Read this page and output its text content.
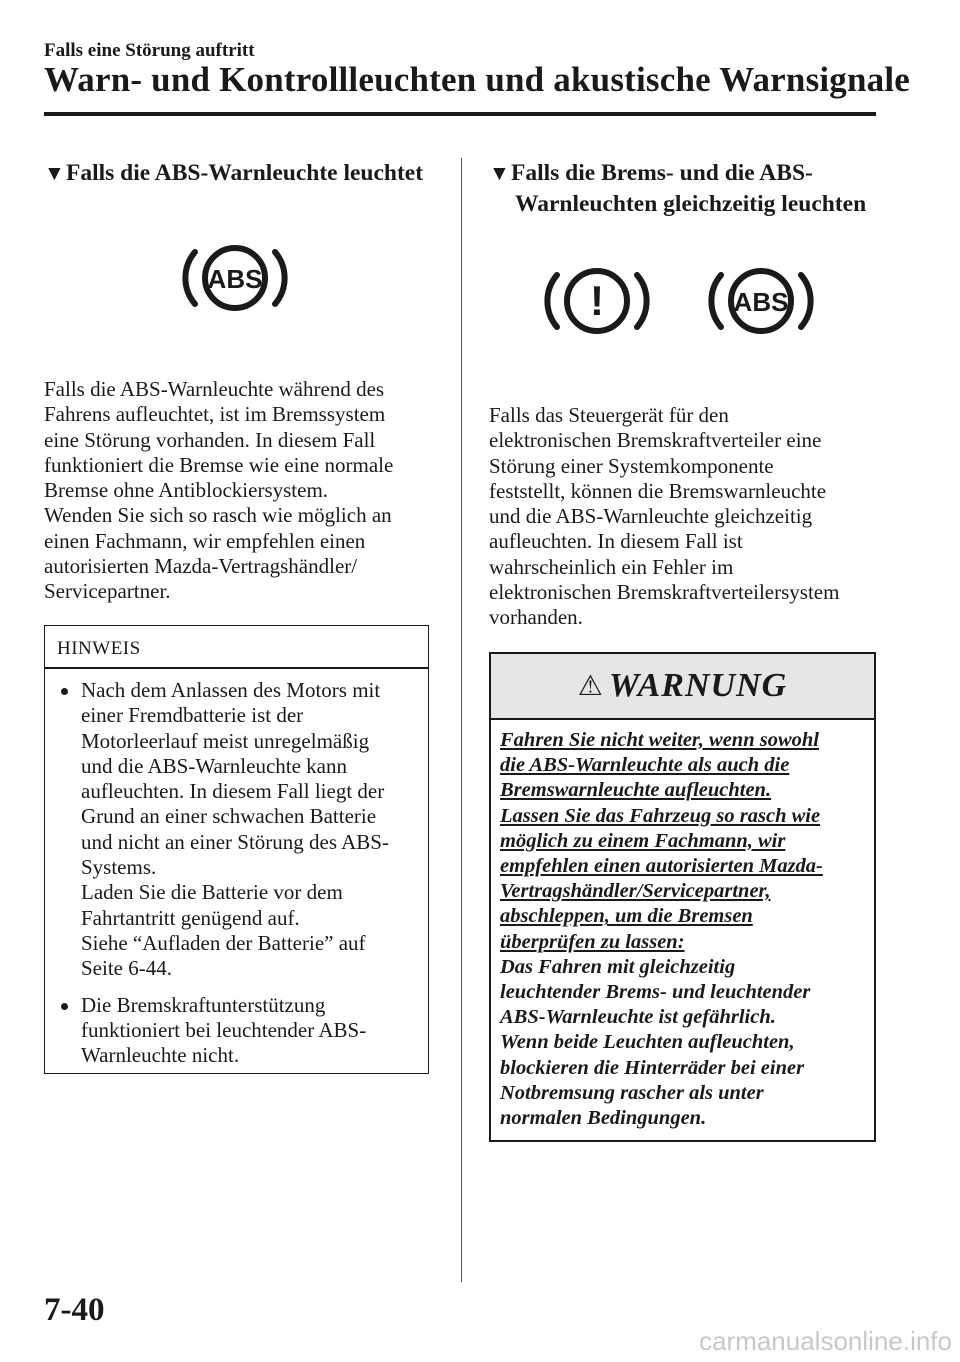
Falls eine Störung auftritt
Warn- und Kontrollleuchten und akustische Warnsignale
▼Falls die ABS-Warnleuchte leuchtet
ABS
Falls die ABS-Warnleuchte während des
Fahrens aufleuchtet, ist im Bremssystem
eine Störung vorhanden. In diesem Fall
funktioniert die Bremse wie eine normale
Bremse ohne Antiblockiersystem.
Wenden Sie sich so rasch wie möglich an
einen Fachmann, wir empfehlen einen
autorisierten Mazda-Vertragshändler/
Servicepartner.
HINWEIS
Nach dem Anlassen des Motors mit
einer Fremdbatterie ist der
Motorleerlauf meist unregelmäßig
und die ABS-Warnleuchte kann
aufleuchten. In diesem Fall liegt der
Grund an einer schwachen Batterie
und nicht an einer Störung des ABS-
Systems.
Laden Sie die Batterie vor dem
Fahrtantritt genügend auf.
Siehe “Aufladen der Batterie” auf
Seite 6-44.
Die Bremskraftunterstützung
funktioniert bei leuchtender ABS-
Warnleuchte nicht.
▼Falls die Brems- und die ABS-
Warnleuchten gleichzeitig leuchten
!	ABS
Falls das Steuergerät für den
elektronischen Bremskraftverteiler eine
Störung einer Systemkomponente
feststellt, können die Bremswarnleuchte
und die ABS-Warnleuchte gleichzeitig
aufleuchten. In diesem Fall ist
wahrscheinlich ein Fehler im
elektronischen Bremskraftverteilersystem
vorhanden.
⚠ WARNUNG
Fahren Sie nicht weiter, wenn sowohl
die ABS-Warnleuchte als auch die
Bremswarnleuchte aufleuchten.
Lassen Sie das Fahrzeug so rasch wie
möglich zu einem Fachmann, wir
empfehlen einen autorisierten Mazda-
Vertragshändler/Servicepartner,
abschleppen, um die Bremsen
überprüfen zu lassen:
Das Fahren mit gleichzeitig
leuchtender Brems- und leuchtender
ABS-Warnleuchte ist gefährlich.
Wenn beide Leuchten aufleuchten,
blockieren die Hinterräder bei einer
Notbremsung rascher als unter
normalen Bedingungen.
7-40
carmanualsonline.info
